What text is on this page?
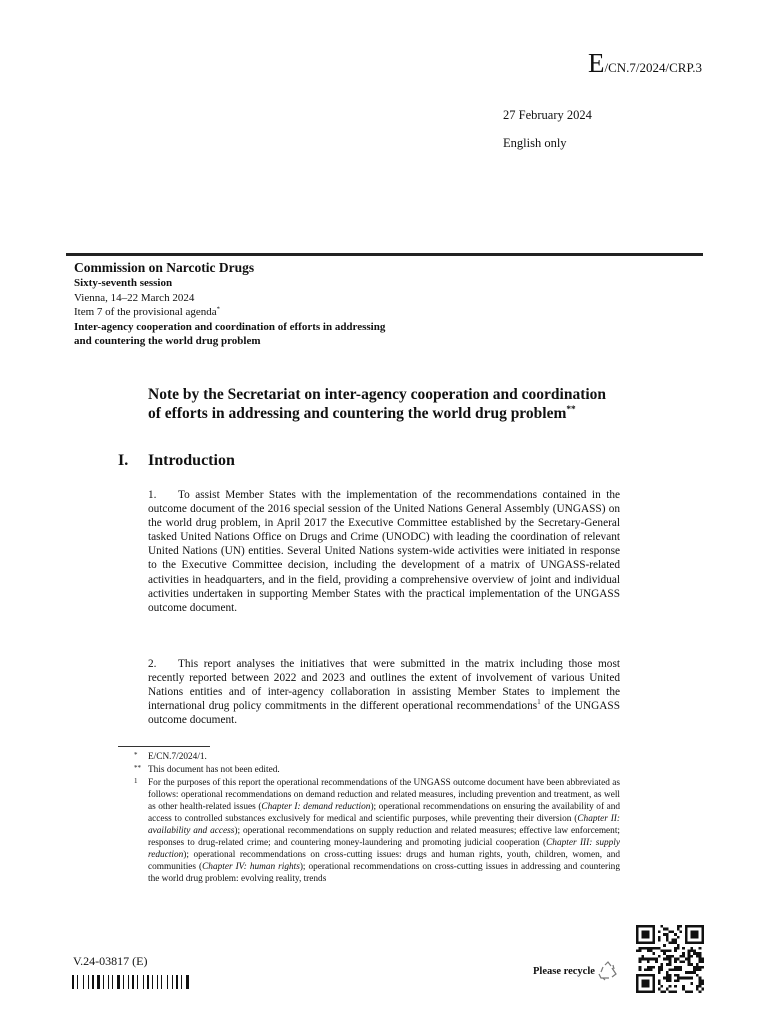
E/CN.7/2024/CRP.3
27 February 2024
English only
Commission on Narcotic Drugs
Sixty-seventh session
Vienna, 14–22 March 2024
Item 7 of the provisional agenda*
Inter-agency cooperation and coordination of efforts in addressing and countering the world drug problem
Note by the Secretariat on inter-agency cooperation and coordination of efforts in addressing and countering the world drug problem**
I. Introduction
1. To assist Member States with the implementation of the recommendations contained in the outcome document of the 2016 special session of the United Nations General Assembly (UNGASS) on the world drug problem, in April 2017 the Executive Committee established by the Secretary-General tasked United Nations Office on Drugs and Crime (UNODC) with leading the coordination of relevant United Nations (UN) entities. Several United Nations system-wide activities were initiated in response to the Executive Committee decision, including the development of a matrix of UNGASS-related activities in headquarters, and in the field, providing a comprehensive overview of joint and individual activities undertaken in supporting Member States with the practical implementation of the UNGASS outcome document.
2. This report analyses the initiatives that were submitted in the matrix including those most recently reported between 2022 and 2023 and outlines the extent of involvement of various United Nations entities and of inter-agency collaboration in assisting Member States to implement the international drug policy commitments in the different operational recommendations$^1$ of the UNGASS outcome document.
* E/CN.7/2024/1.
** This document has not been edited.
1 For the purposes of this report the operational recommendations of the UNGASS outcome document have been abbreviated as follows: operational recommendations on demand reduction and related measures, including prevention and treatment, as well as other health-related issues (Chapter I: demand reduction); operational recommendations on ensuring the availability of and access to controlled substances exclusively for medical and scientific purposes, while preventing their diversion (Chapter II: availability and access); operational recommendations on supply reduction and related measures; effective law enforcement; responses to drug-related crime; and countering money-laundering and promoting judicial cooperation (Chapter III: supply reduction); operational recommendations on cross-cutting issues: drugs and human rights, youth, children, women, and communities (Chapter IV: human rights); operational recommendations on cross-cutting issues in addressing and countering the world drug problem: evolving reality, trends
V.24-03817 (E)
Please recycle
